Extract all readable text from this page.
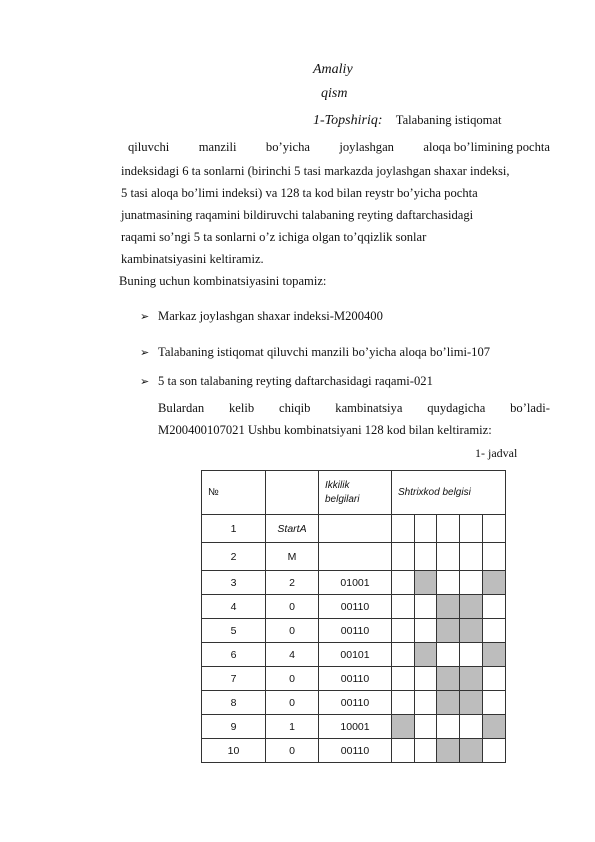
Amaliy
qism
1-Topshiriq: Talabaning istiqomat
qiluvchi manzili bo’yicha joylashgan aloqa bo’limining pochta
indeksidagi 6 ta sonlarni (birinchi 5 tasi markazda joylashgan shaxar indeksi,
5 tasi aloqa bo’limi indeksi) va 128 ta kod bilan reystr bo’yicha pochta
junatmasining raqamini bildiruvchi talabaning reyting daftarchasidagi
raqami so’ngi 5 ta sonlarni o’z ichiga olgan to’qqizlik sonlar
kambinatsiyasini keltiramiz.
Buning uchun kombinatsiyasini topamiz:
➢ Markaz joylashgan shaxar indeksi-M200400
➢ Talabaning istiqomat qiluvchi manzili bo’yicha aloqa bo’limi-107
➢ 5 ta son talabaning reyting daftarchasidagi raqami-021
Bulardan kelib chiqib kambinatsiya quydagicha bo’ladi-
M200400107021 Ushbu kombinatsiyani 128 kod bilan keltiramiz:
1- jadval
№		Ikkilik
belgilari	Shtrixkod belgisi				
1	StartA						
2	M						
3	2	01001					
4	0	00110					
5	0	00110					
6	4	00101					
7	0	00110					
8	0	00110					
9	1	10001					
10	0	00110					
